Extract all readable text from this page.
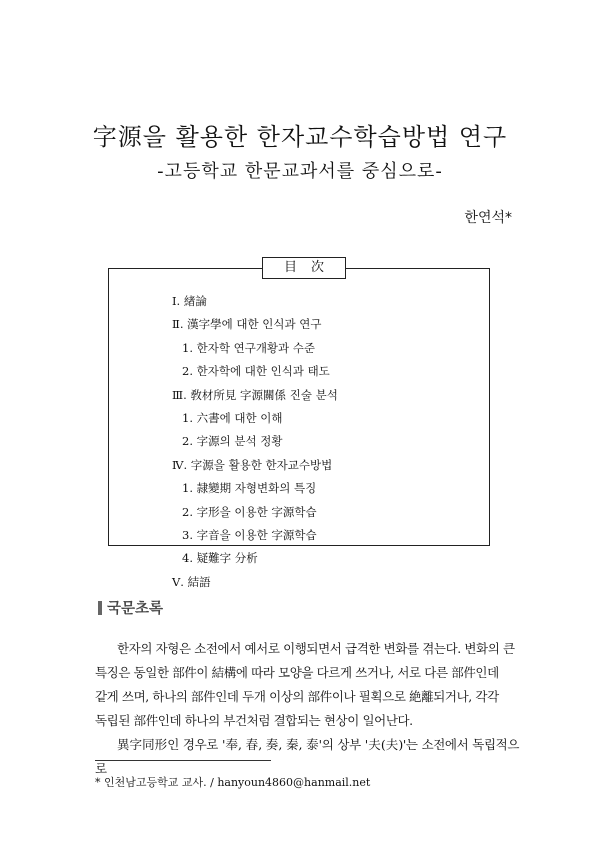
字源을 활용한 한자교수학습방법 연구
-고등학교 한문교과서를 중심으로-
한연석*
目次
Ⅰ. 緖論
Ⅱ. 漢字學에 대한 인식과 연구
1. 한자학 연구개황과 수준
2. 한자학에 대한 인식과 태도
Ⅲ. 敎材所見 字源關係 진술 분석
1. 六書에 대한 이해
2. 字源의 분석 정황
Ⅳ. 字源을 활용한 한자교수방법
1. 隷變期 자형변화의 특징
2. 字形을 이용한 字源학습
3. 字音을 이용한 字源학습
4. 疑難字 分析
Ⅴ. 結語
국문초록

한자의 자형은 소전에서 예서로 이행되면서 급격한 변화를 겪는다. 변화의 큰

특징은 동일한 部件이 結構에 따라 모양을 다르게 쓰거나, 서로 다른 部件인데

같게 쓰며, 하나의 部件인데 두개 이상의 部件이나 필획으로 絶離되거나, 각각

독립된 部件인데 하나의 부건처럼 결합되는 현상이 일어난다.

異字同形인 경우로 '奉, 春, 奏, 秦, 泰'의 상부 '夫(夫)'는 소전에서 독립적으로

* 인천남고등학교 교사. / hanyoun4860@hanmail.net
